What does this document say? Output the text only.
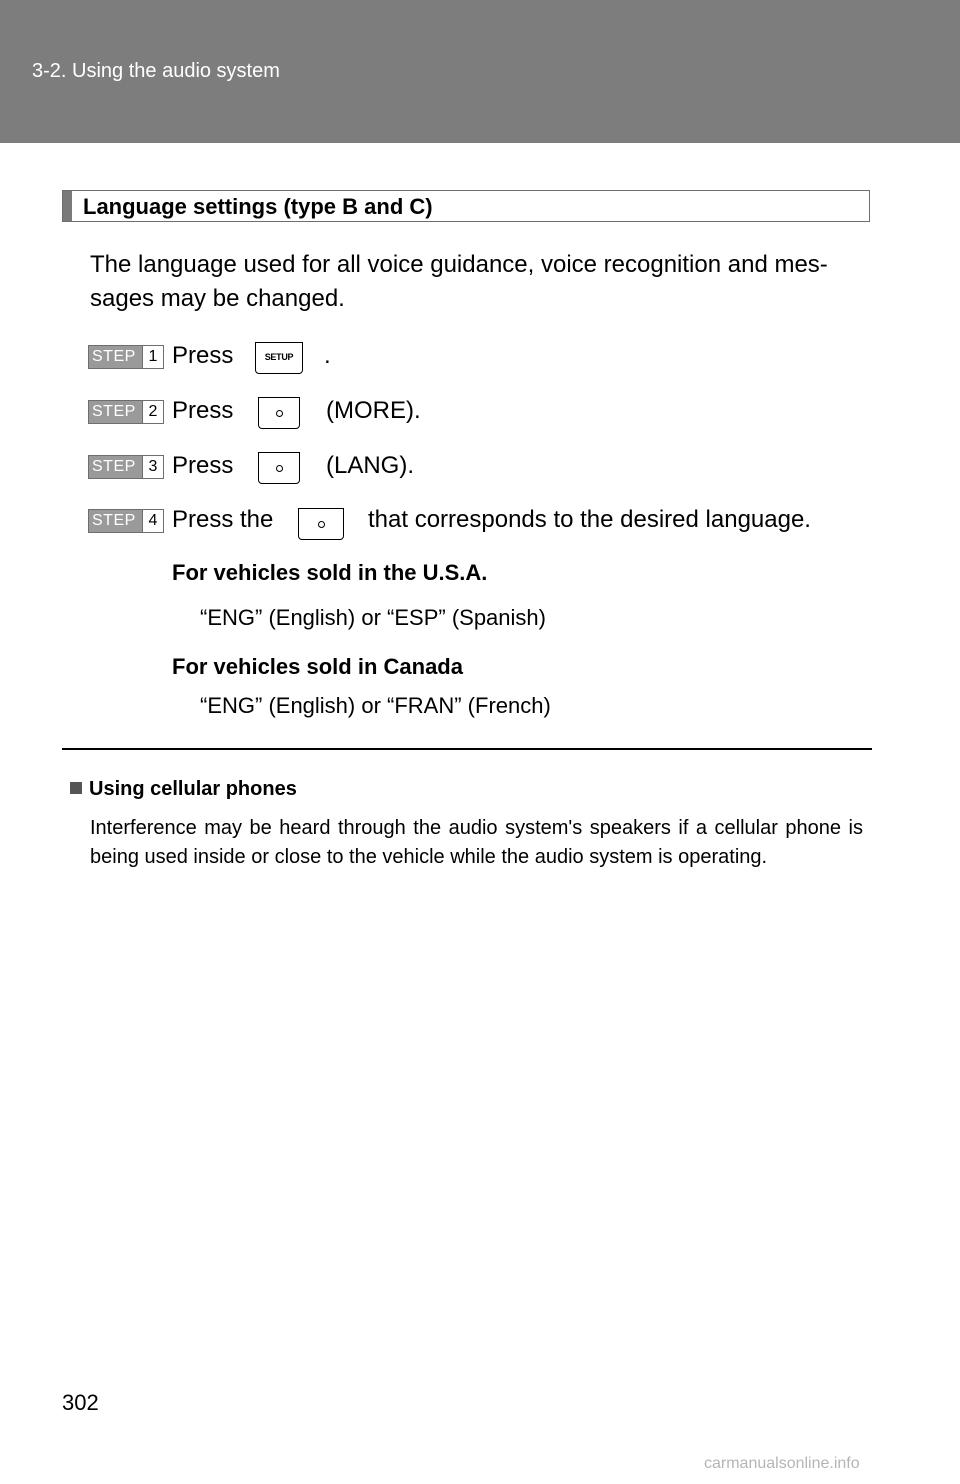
3-2. Using the audio system
Language settings (type B and C)
The language used for all voice guidance, voice recognition and mes-sages may be changed.
STEP 1 Press	SETUP	.
STEP 2 Press	(MORE).
STEP 3 Press	(LANG).
STEP 4 Press the	that corresponds to the desired language.
For vehicles sold in the U.S.A.
“ENG” (English) or “ESP” (Spanish)
For vehicles sold in Canada
“ENG” (English) or “FRAN” (French)
Using cellular phones
Interference may be heard through the audio system's speakers if a cellular phone is being used inside or close to the vehicle while the audio system is operating.
302
carmanualsonline.info
